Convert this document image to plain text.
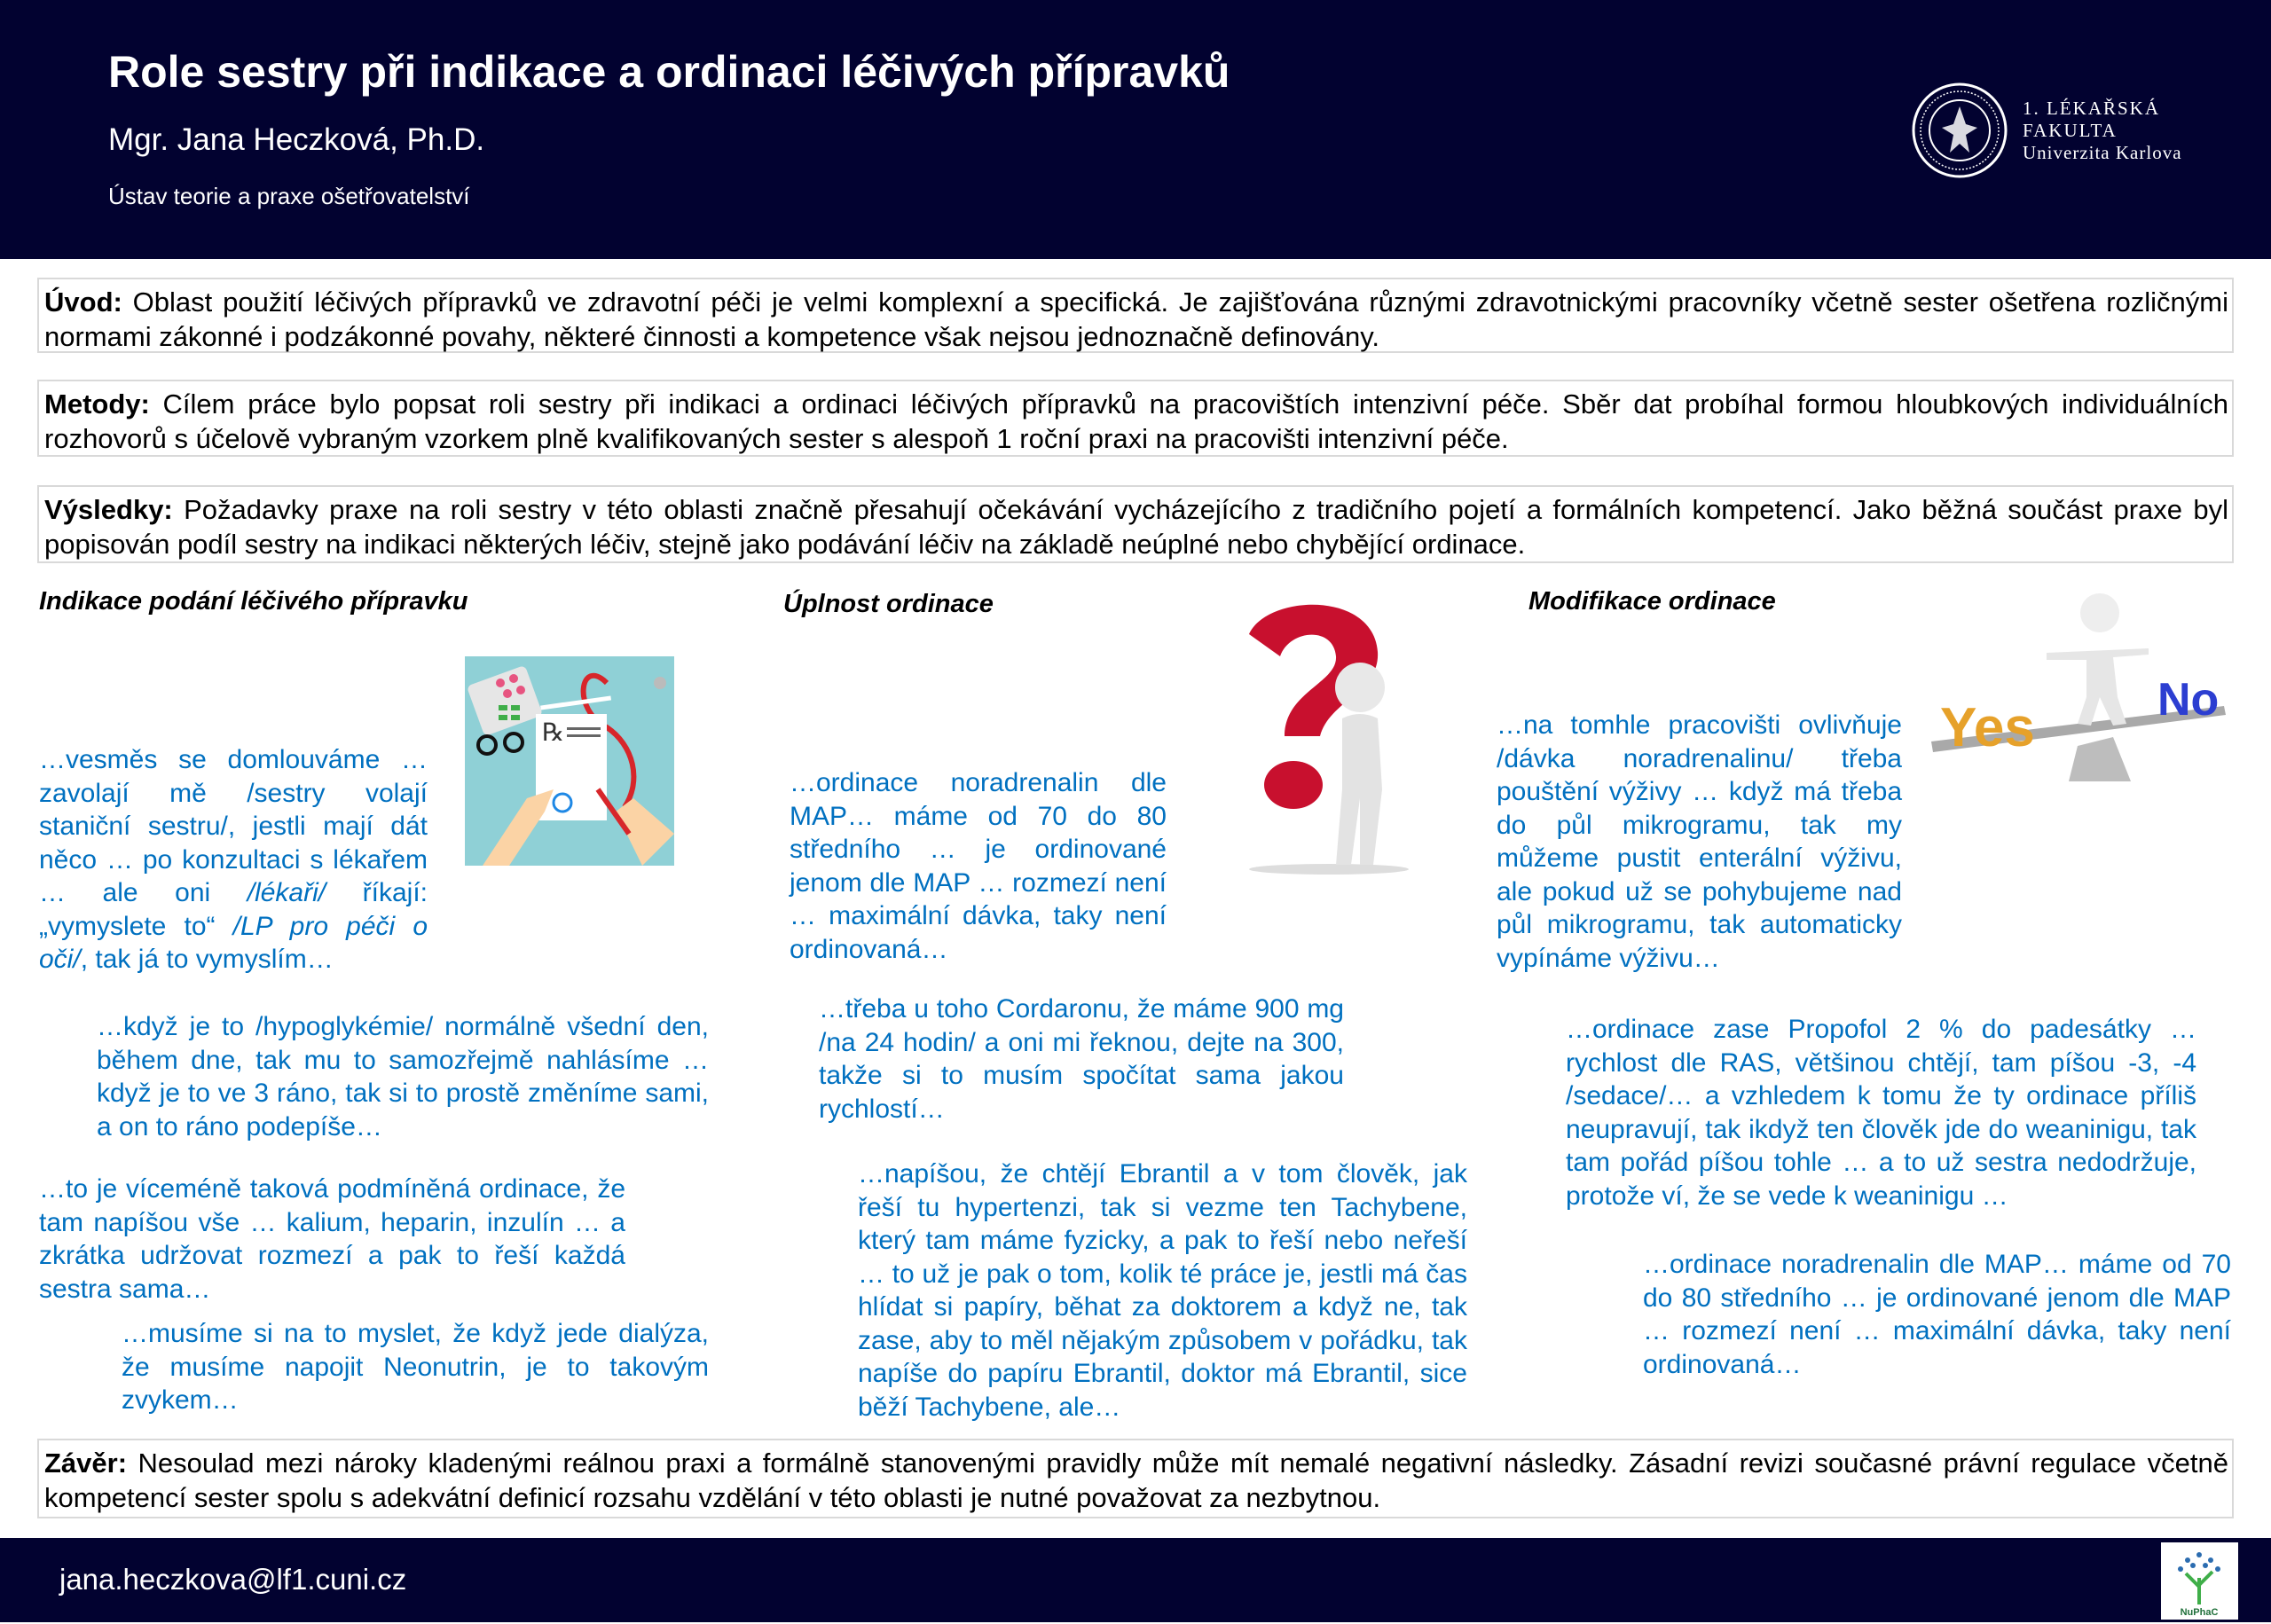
Role sestry při indikace a ordinaci léčivých přípravků
Mgr. Jana Heczková, Ph.D.
Ústav teorie a praxe ošetřovatelství
1. LÉKAŘSKÁ
FAKULTA
Univerzita Karlova
Úvod: Oblast použití léčivých přípravků ve zdravotní péči je velmi komplexní a specifická. Je zajišťována různými zdravotnickými pracovníky včetně sester ošetřena rozličnými normami zákonné i podzákonné povahy, některé činnosti a kompetence však nejsou jednoznačně definovány.
Metody: Cílem práce bylo popsat roli sestry při indikaci a ordinaci léčivých přípravků na pracovištích intenzivní péče. Sběr dat probíhal formou hloubkových individuálních rozhovorů s účelově vybraným vzorkem plně kvalifikovaných sester s alespoň 1 roční praxi na pracovišti intenzivní péče.
Výsledky: Požadavky praxe na roli sestry v této oblasti značně přesahují očekávání vycházejícího z tradičního pojetí a formálních kompetencí. Jako běžná součást praxe byl popisován podíl sestry na indikaci některých léčiv, stejně jako podávání léčiv na základě neúplné nebo chybějící ordinace.
Indikace podání léčivého přípravku
℞
…vesměs se domlouváme … zavolají mě /sestry volají staniční sestru/, jestli mají dát něco … po konzultaci s lékařem … ale oni /lékaři/ říkají: „vymyslete to“ /LP pro péči o oči/, tak já to vymyslím…
…když je to /hypoglykémie/ normálně všední den, během dne, tak mu to samozřejmě nahlásíme … když je to ve 3 ráno, tak si to prostě změníme sami, a on to ráno podepíše…
…to je víceméně taková podmíněná ordinace, že tam napíšou vše … kalium, heparin, inzulín … a zkrátka udržovat rozmezí a pak to řeší každá sestra sama…
…musíme si na to myslet, že když jede dialýza, že musíme napojit Neonutrin, je to takovým zvykem…
Úplnost ordinace
…ordinace noradrenalin dle MAP… máme od 70 do 80 středního … je ordinované jenom dle MAP … rozmezí není … maximální dávka, taky není ordinovaná…
…třeba u toho Cordaronu, že máme 900 mg /na 24 hodin/ a oni mi řeknou, dejte na 300, takže si to musím spočítat sama jakou rychlostí…
…napíšou, že chtějí Ebrantil a v tom člověk, jak řeší tu hypertenzi, tak si vezme ten Tachybene, který tam máme fyzicky, a pak to řeší nebo neřeší … to už je pak o tom, kolik té práce je, jestli má čas hlídat si papíry, běhat za doktorem a když ne, tak zase, aby to měl nějakým způsobem v pořádku, tak napíše do papíru Ebrantil, doktor má Ebrantil, sice běží Tachybene, ale…
Modifikace ordinace
Yes	No
…na tomhle pracovišti ovlivňuje /dávka noradrenalinu/ třeba pouštění výživy … když má třeba do půl mikrogramu, tak my můžeme pustit enterální výživu, ale pokud už se pohybujeme nad půl mikrogramu, tak automaticky vypínáme výživu…
…ordinace zase Propofol 2 % do padesátky … rychlost dle RAS, většinou chtějí, tam píšou -3, -4 /sedace/… a vzhledem k tomu že ty ordinace příliš neupravují, tak ikdyž ten člověk jde do weaninigu, tak tam pořád píšou tohle … a to už sestra nedodržuje, protože ví, že se vede k weaninigu …
…ordinace noradrenalin dle MAP… máme od 70 do 80 středního … je ordinované jenom dle MAP … rozmezí není … maximální dávka, taky není ordinovaná…
Závěr: Nesoulad mezi nároky kladenými reálnou praxi a formálně stanovenými pravidly může mít nemalé negativní následky. Zásadní revizi současné právní regulace včetně kompetencí sester spolu s adekvátní definicí rozsahu vzdělání v této oblasti je nutné považovat za nezbytnou.
jana.heczkova@lf1.cuni.cz
NuPhaC
